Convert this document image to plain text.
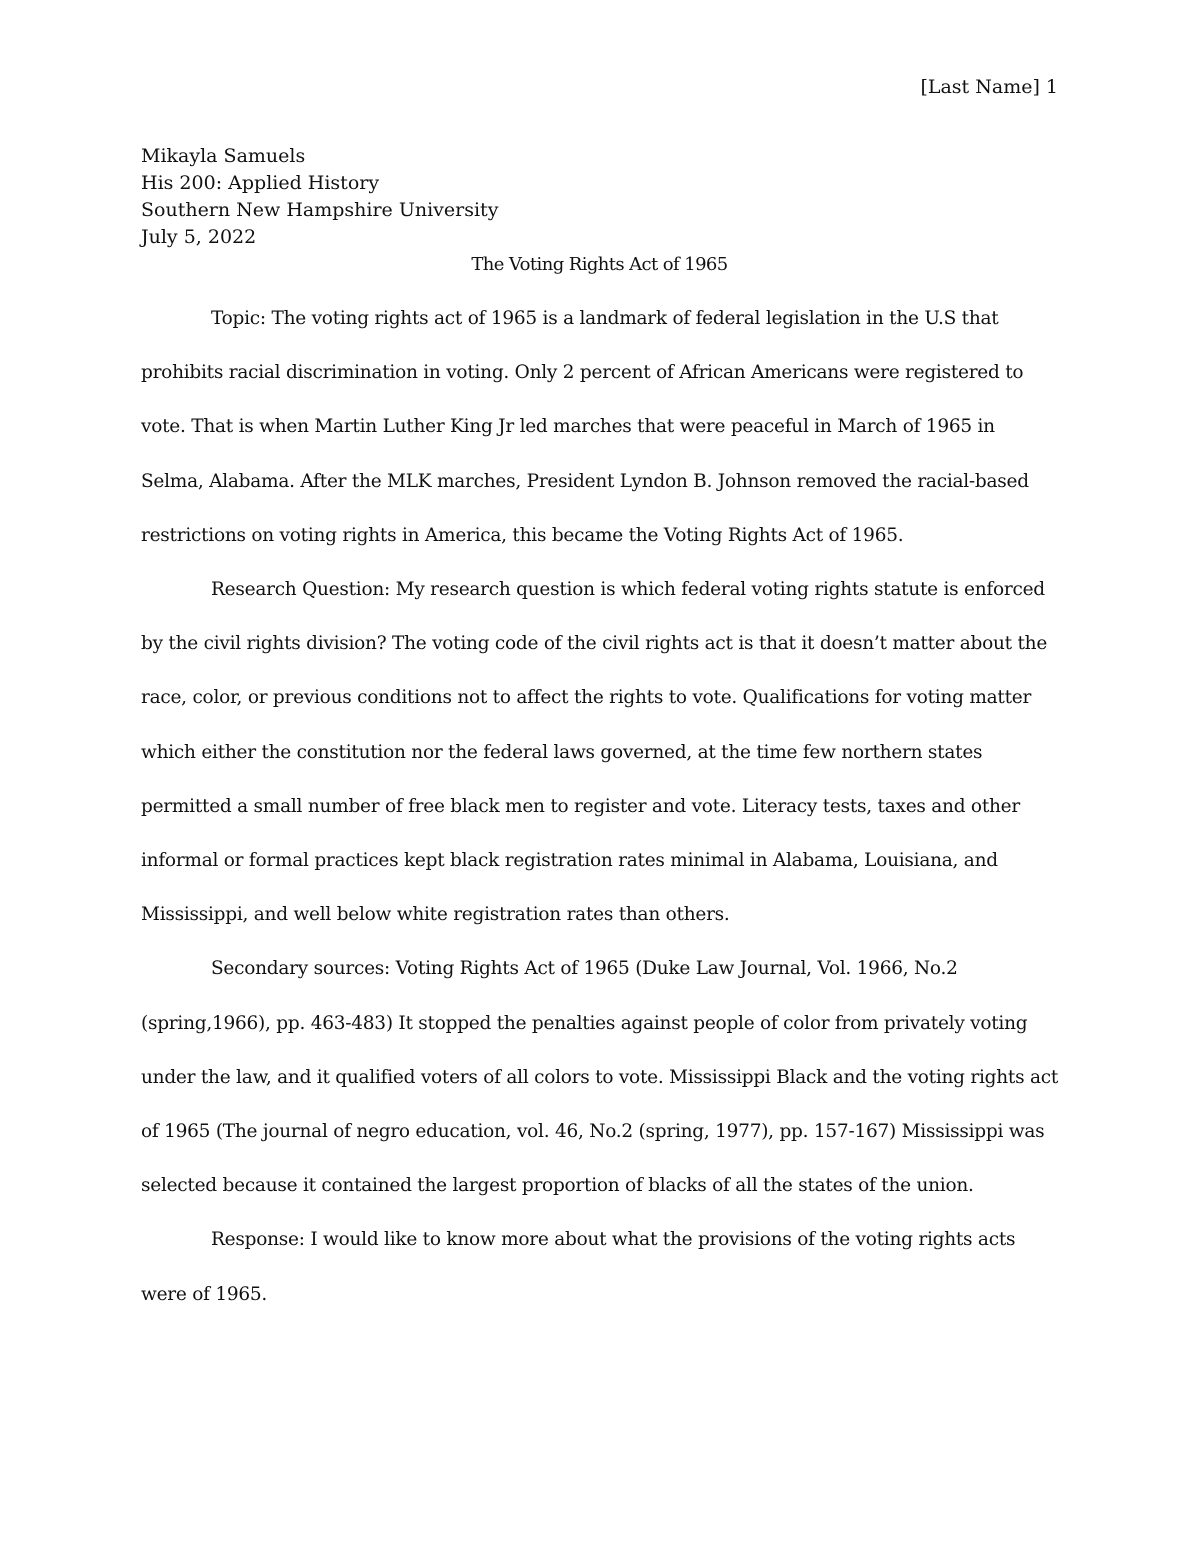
[Last Name] 1
Mikayla Samuels
His 200: Applied History
Southern New Hampshire University
July 5, 2022
The Voting Rights Act of 1965

Topic: The voting rights act of 1965 is a landmark of federal legislation in the U.S that prohibits racial discrimination in voting. Only 2 percent of African Americans were registered to vote. That is when Martin Luther King Jr led marches that were peaceful in March of 1965 in Selma, Alabama. After the MLK marches, President Lyndon B. Johnson removed the racial-based restrictions on voting rights in America, this became the Voting Rights Act of 1965.

Research Question: My research question is which federal voting rights statute is enforced by the civil rights division? The voting code of the civil rights act is that it doesn’t matter about the race, color, or previous conditions not to affect the rights to vote. Qualifications for voting matter which either the constitution nor the federal laws governed, at the time few northern states permitted a small number of free black men to register and vote. Literacy tests, taxes and other informal or formal practices kept black registration rates minimal in Alabama, Louisiana, and Mississippi, and well below white registration rates than others.

Secondary sources: Voting Rights Act of 1965 (Duke Law Journal, Vol. 1966, No.2 (spring,1966), pp. 463-483) It stopped the penalties against people of color from privately voting under the law, and it qualified voters of all colors to vote. Mississippi Black and the voting rights act of 1965 (The journal of negro education, vol. 46, No.2 (spring, 1977), pp. 157-167) Mississippi was selected because it contained the largest proportion of blacks of all the states of the union.

Response: I would like to know more about what the provisions of the voting rights acts were of 1965.
